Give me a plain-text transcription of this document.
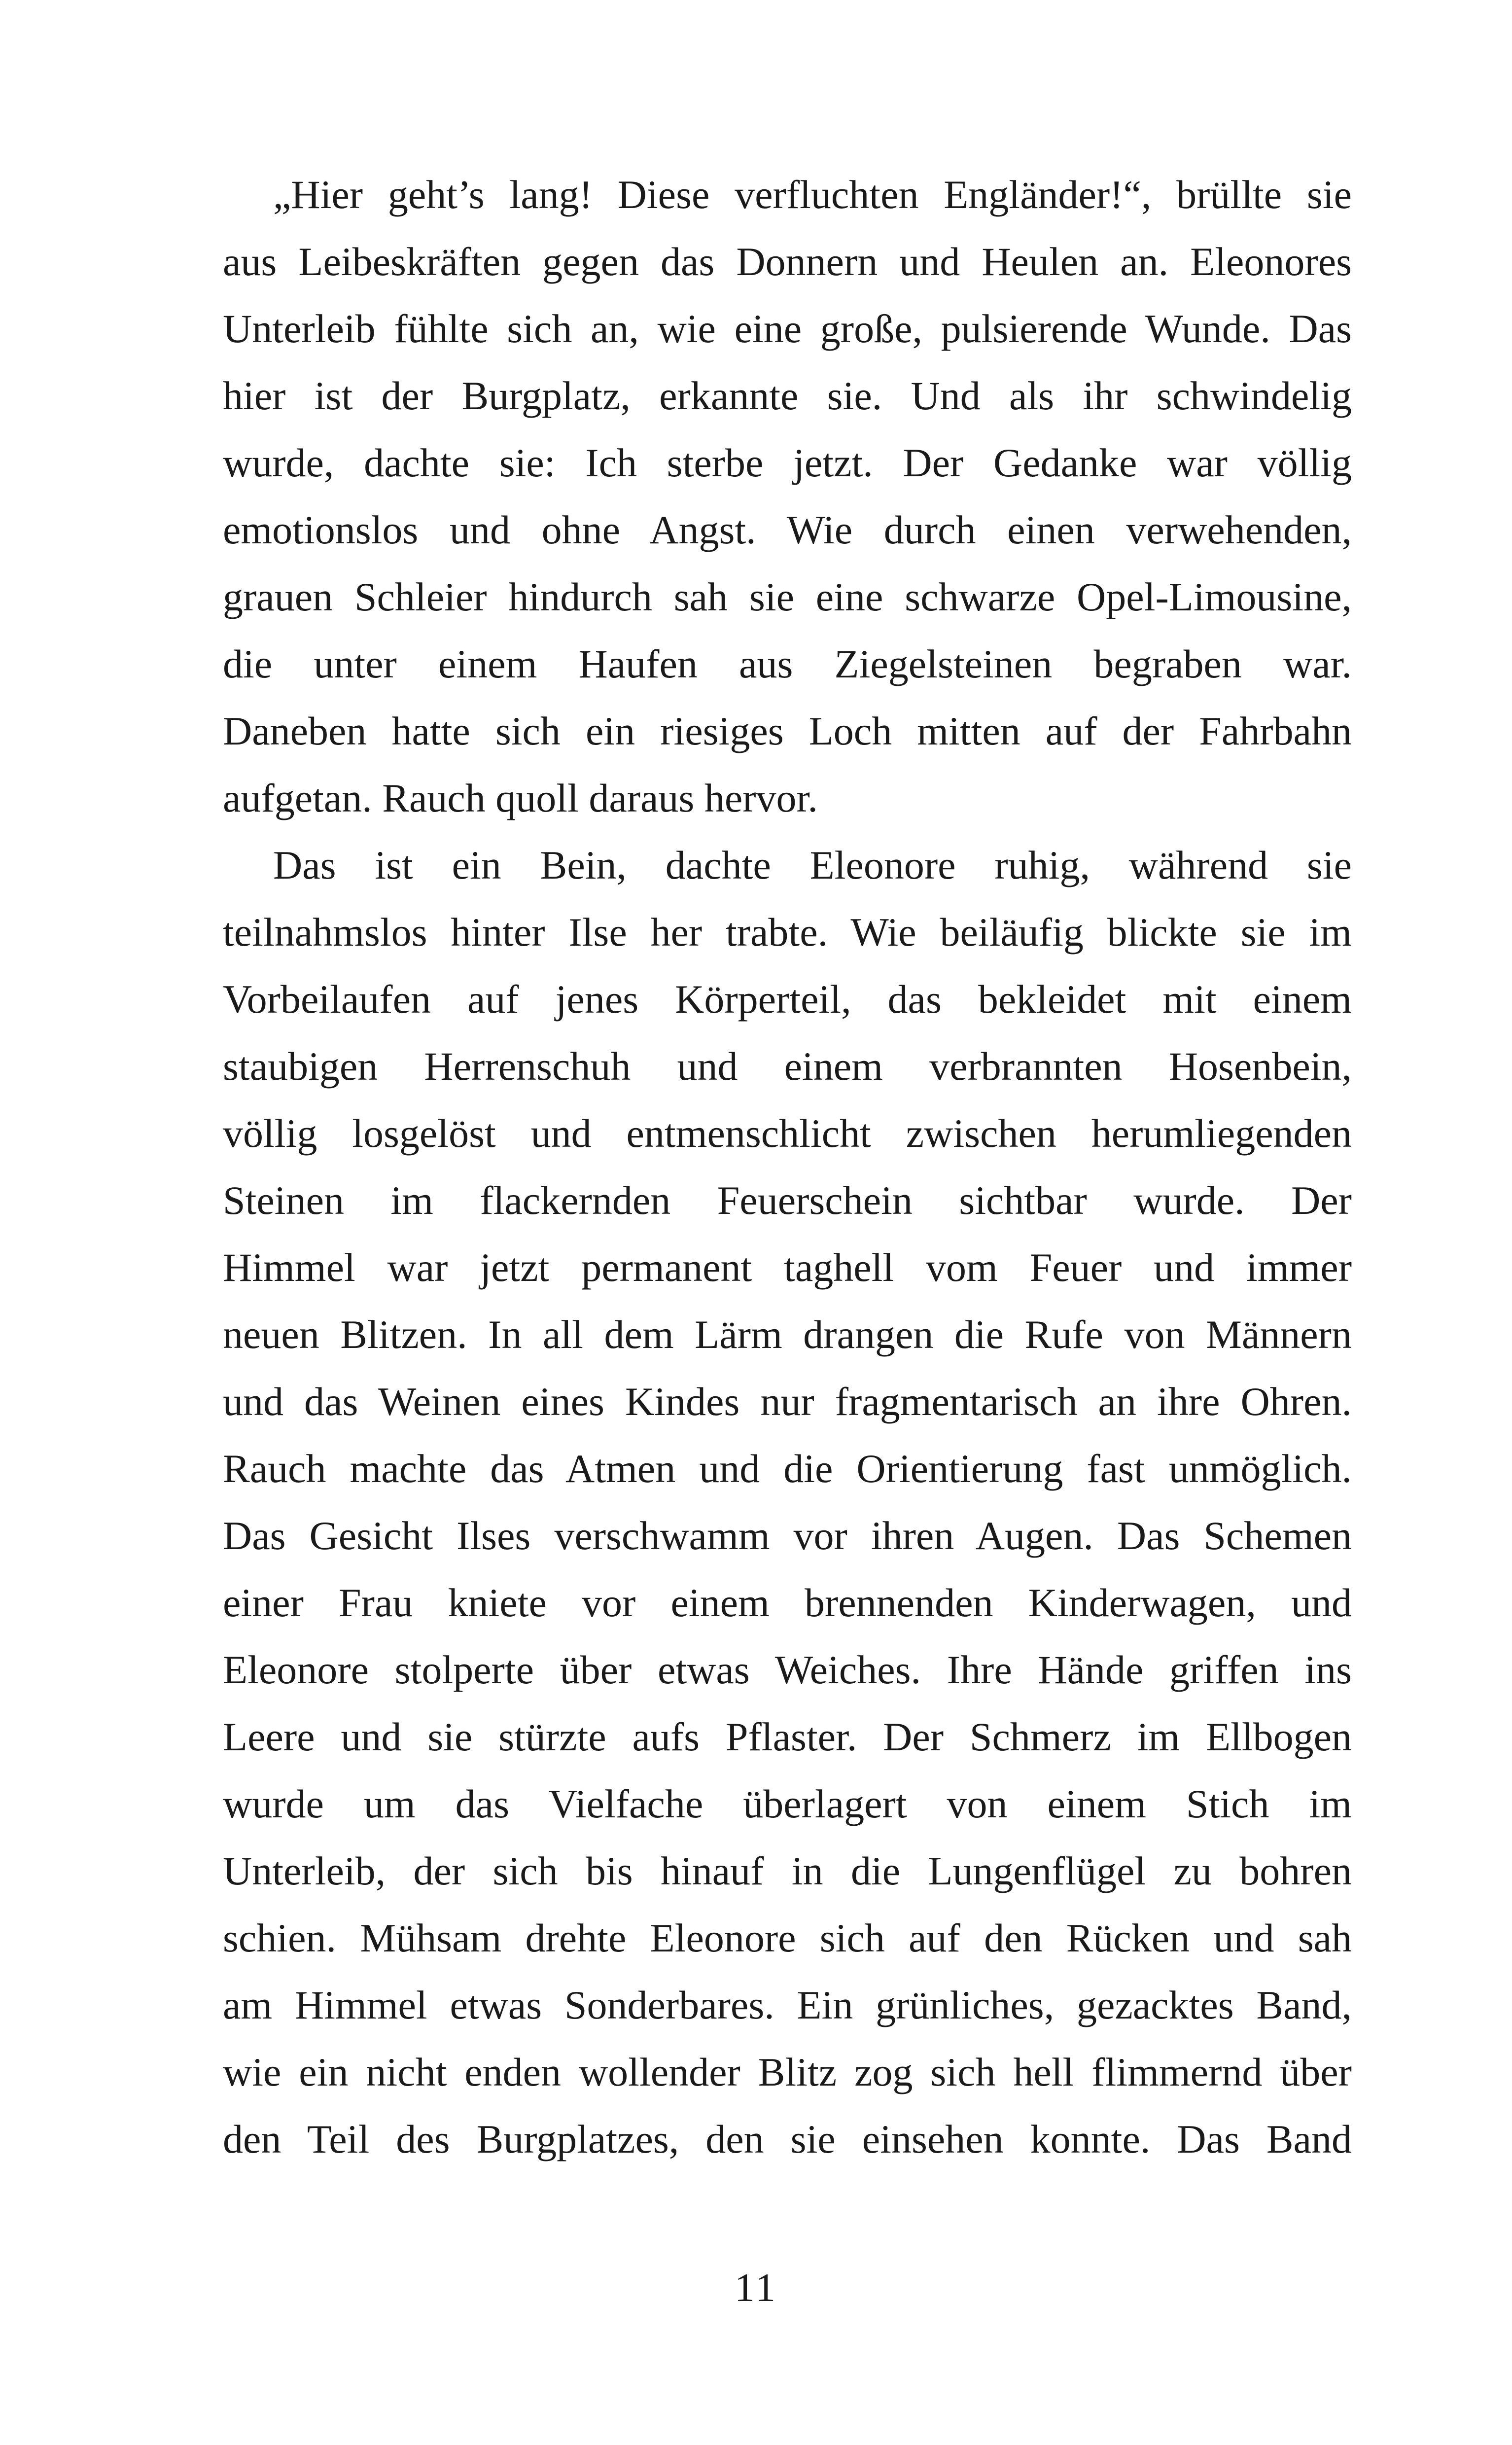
„Hier geht’s lang! Diese verfluchten Engländer!“, brüllte sie
aus Leibeskräften gegen das Donnern und Heulen an. Eleonores
Unterleib fühlte sich an, wie eine große, pulsierende Wunde. Das
hier ist der Burgplatz, erkannte sie. Und als ihr schwindelig
wurde, dachte sie: Ich sterbe jetzt. Der Gedanke war völlig
emotionslos und ohne Angst. Wie durch einen verwehenden,
grauen Schleier hindurch sah sie eine schwarze Opel-Limousine,
die unter einem Haufen aus Ziegelsteinen begraben war.
Daneben hatte sich ein riesiges Loch mitten auf der Fahrbahn
aufgetan. Rauch quoll daraus hervor.
Das ist ein Bein, dachte Eleonore ruhig, während sie
teilnahmslos hinter Ilse her trabte. Wie beiläufig blickte sie im
Vorbeilaufen auf jenes Körperteil, das bekleidet mit einem
staubigen Herrenschuh und einem verbrannten Hosenbein,
völlig losgelöst und entmenschlicht zwischen herumliegenden
Steinen im flackernden Feuerschein sichtbar wurde. Der
Himmel war jetzt permanent taghell vom Feuer und immer
neuen Blitzen. In all dem Lärm drangen die Rufe von Männern
und das Weinen eines Kindes nur fragmentarisch an ihre Ohren.
Rauch machte das Atmen und die Orientierung fast unmöglich.
Das Gesicht Ilses verschwamm vor ihren Augen. Das Schemen
einer Frau kniete vor einem brennenden Kinderwagen, und
Eleonore stolperte über etwas Weiches. Ihre Hände griffen ins
Leere und sie stürzte aufs Pflaster. Der Schmerz im Ellbogen
wurde um das Vielfache überlagert von einem Stich im
Unterleib, der sich bis hinauf in die Lungenflügel zu bohren
schien. Mühsam drehte Eleonore sich auf den Rücken und sah
am Himmel etwas Sonderbares. Ein grünliches, gezacktes Band,
wie ein nicht enden wollender Blitz zog sich hell flimmernd über
den Teil des Burgplatzes, den sie einsehen konnte. Das Band
11
